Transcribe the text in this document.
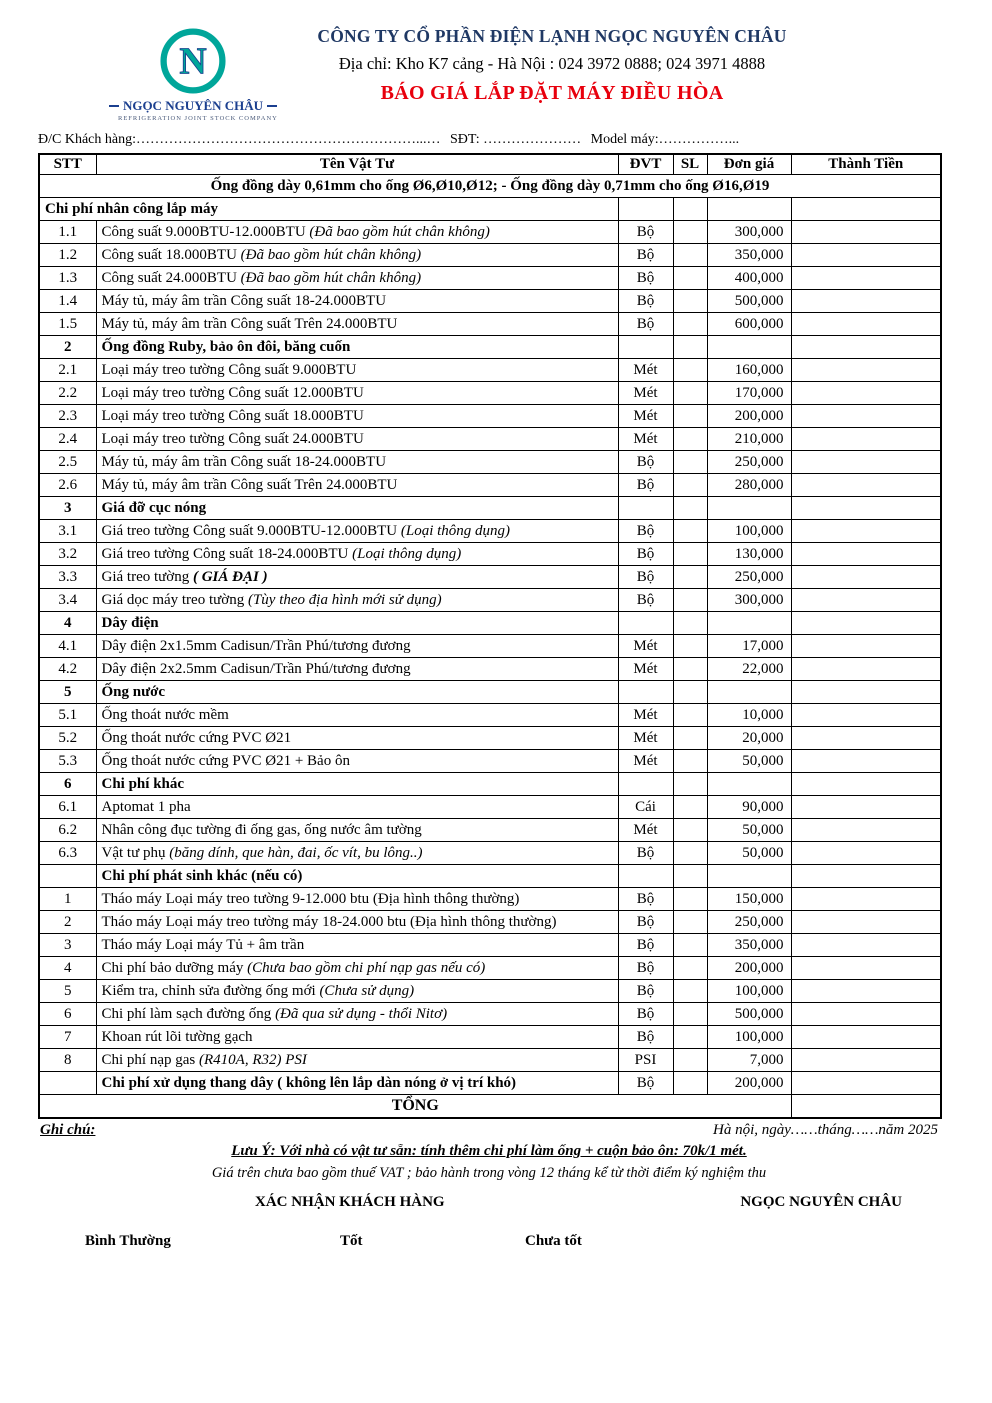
N
NGỌC NGUYÊN CHÂU
REFRIGERATION JOINT STOCK COMPANY
CÔNG TY CỔ PHẦN ĐIỆN LẠNH NGỌC NGUYÊN CHÂU
Địa chỉ: Kho K7 cảng - Hà Nội : 024 3972 0888; 024 3971 4888
BÁO GIÁ LẮP ĐẶT MÁY ĐIỀU HÒA
Đ/C Khách hàng:……………………………………………………...… SĐT: ………………… Model máy:……………...
STT	Tên Vật Tư	ĐVT	SL	Đơn giá	Thành Tiền
Ống đồng dày 0,61mm cho ống Ø6,Ø10,Ø12; - Ống đồng dày 0,71mm cho ống Ø16,Ø19					
Chi phí nhân công lắp máy					
1.1	Công suất 9.000BTU-12.000BTU (Đã bao gồm hút chân không)	Bộ		300,000	
1.2	Công suất 18.000BTU (Đã bao gồm hút chân không)	Bộ		350,000	
1.3	Công suất 24.000BTU (Đã bao gồm hút chân không)	Bộ		400,000	
1.4	Máy tủ, máy âm trần Công suất 18-24.000BTU	Bộ		500,000	
1.5	Máy tủ, máy âm trần Công suất Trên 24.000BTU	Bộ		600,000	
2	Ống đồng Ruby, bảo ôn đôi, băng cuốn				
2.1	Loại máy treo tường Công suất 9.000BTU	Mét		160,000	
2.2	Loại máy treo tường Công suất 12.000BTU	Mét		170,000	
2.3	Loại máy treo tường Công suất 18.000BTU	Mét		200,000	
2.4	Loại máy treo tường Công suất 24.000BTU	Mét		210,000	
2.5	Máy tủ, máy âm trần Công suất 18-24.000BTU	Bộ		250,000	
2.6	Máy tủ, máy âm trần Công suất Trên 24.000BTU	Bộ		280,000	
3	Giá đỡ cục nóng				
3.1	Giá treo tường Công suất 9.000BTU-12.000BTU (Loại thông dụng)	Bộ		100,000	
3.2	Giá treo tường Công suất 18-24.000BTU (Loại thông dụng)	Bộ		130,000	
3.3	Giá treo tường ( GIÁ ĐẠI )	Bộ		250,000	
3.4	Giá dọc máy treo tường (Tùy theo địa hình mới sử dụng)	Bộ		300,000	
4	Dây điện				
4.1	Dây điện 2x1.5mm Cadisun/Trần Phú/tương đương	Mét		17,000	
4.2	Dây điện 2x2.5mm Cadisun/Trần Phú/tương đương	Mét		22,000	
5	Ống nước				
5.1	Ống thoát nước mềm	Mét		10,000	
5.2	Ống thoát nước cứng PVC Ø21	Mét		20,000	
5.3	Ống thoát nước cứng PVC Ø21 + Bảo ôn	Mét		50,000	
6	Chi phí khác				
6.1	Aptomat 1 pha	Cái		90,000	
6.2	Nhân công đục tường đi ống gas, ống nước âm tường	Mét		50,000	
6.3	Vật tư phụ (băng dính, que hàn, đai, ốc vít, bu lông..)	Bộ		50,000	
	Chi phí phát sinh khác (nếu có)				
1	Tháo máy Loại máy treo tường 9-12.000 btu (Địa hình thông thường)	Bộ		150,000	
2	Tháo máy Loại máy treo tường máy 18-24.000 btu (Địa hình thông thường)	Bộ		250,000	
3	Tháo máy Loại máy Tủ + âm trần	Bộ		350,000	
4	Chi phí bảo dưỡng máy (Chưa bao gồm chi phí nạp gas nếu có)	Bộ		200,000	
5	Kiểm tra, chỉnh sửa đường ống mới (Chưa sử dụng)	Bộ		100,000	
6	Chi phí làm sạch đường ống (Đã qua sử dụng - thổi Nitơ)	Bộ		500,000	
7	Khoan rút lõi tường gạch	Bộ		100,000	
8	Chi phí nạp gas (R410A, R32) PSI	PSI		7,000	
	Chi phí xử dụng thang dây ( không lên lắp dàn nóng ở vị trí khó)	Bộ		200,000	
TỔNG					
Ghi chú:	Hà nội, ngày……tháng……năm 2025
Lưu Ý: Với nhà có vật tư sẵn: tính thêm chi phí làm ống + cuộn bảo ôn: 70k/1 mét.
Giá trên chưa bao gồm thuế VAT ; bảo hành trong vòng 12 tháng kể từ thời điểm ký nghiệm thu
XÁC NHẬN KHÁCH HÀNG	NGỌC NGUYÊN CHÂU
Bình Thường	Tốt	Chưa tốt
